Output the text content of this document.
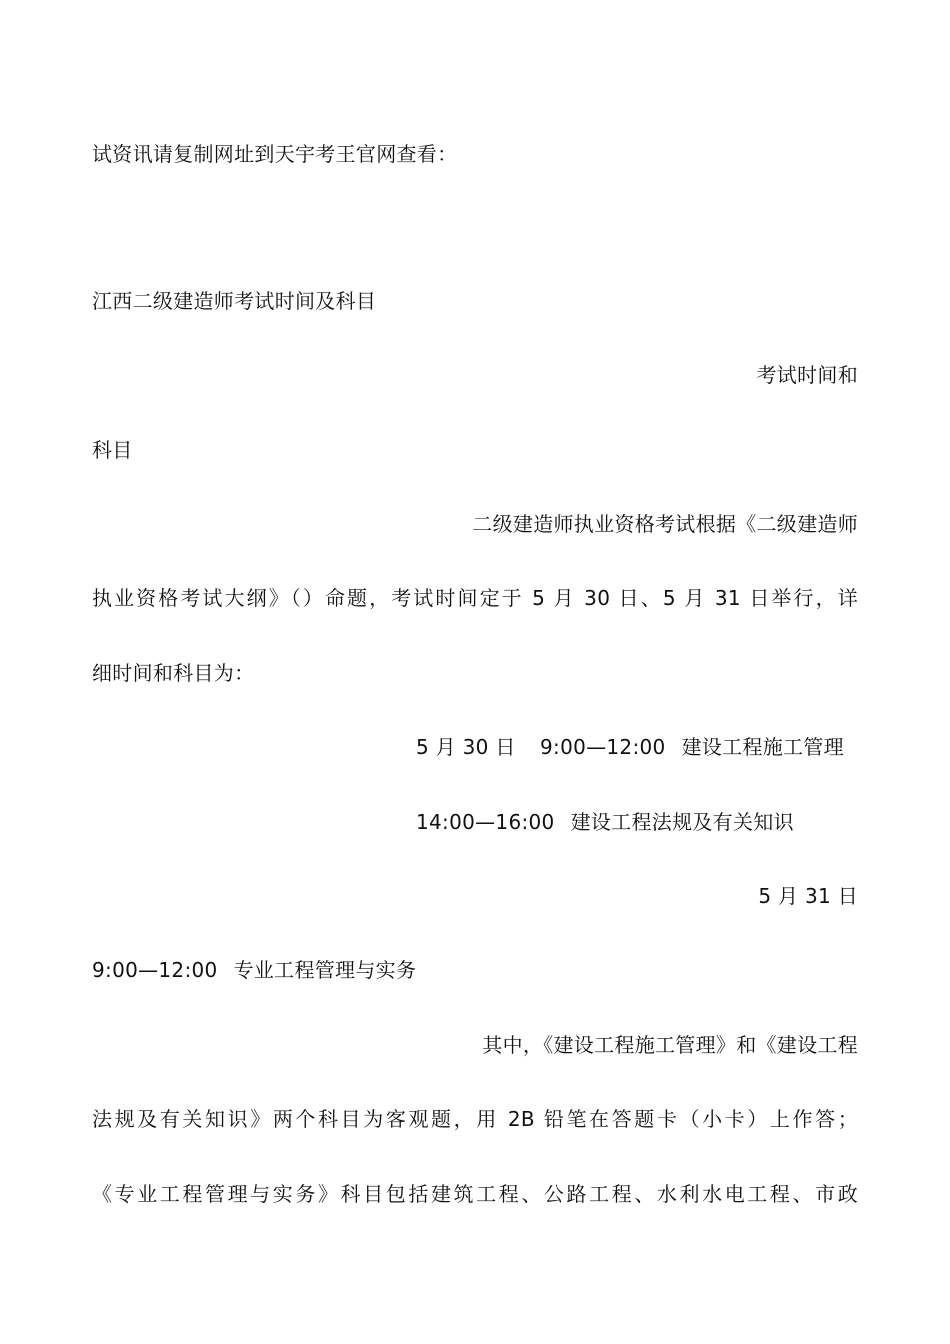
试资讯请复制网址到天宇考王官网查看：
江西二级建造师考试时间及科目
考试时间和
科目
二级建造师执业资格考试根据《二级建造师
执业资格考试大纲》（）命题，考试时间定于 5 月 30 日、5 月 31 日举行，详
细时间和科目为：
5 月 30 日 9:00—12:00 建设工程施工管理
14:00—16:00 建设工程法规及有关知识
5 月 31 日
9:00—12:00 专业工程管理与实务
其中，《建设工程施工管理》和《建设工程
法规及有关知识》两个科目为客观题，用 2B 铅笔在答题卡（小卡）上作答；
《专业工程管理与实务》科目包括建筑工程、公路工程、水利水电工程、市政
